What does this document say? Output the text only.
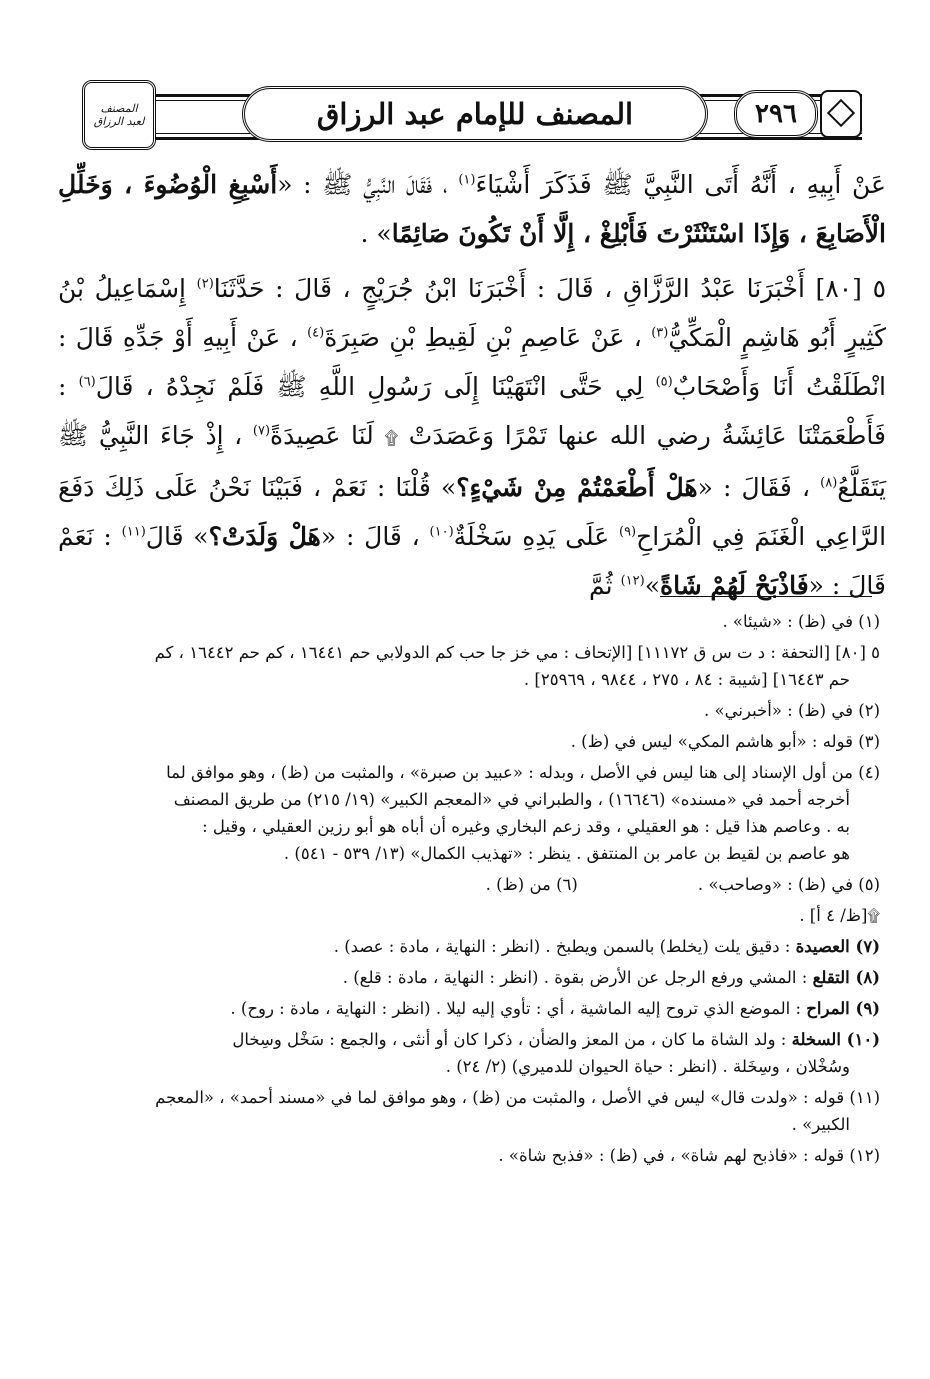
المصنف
لعبد الرزاق	المصنف للإمام عبد الرزاق	٢٩٦

عَنْ أَبِيهِ ، أَنَّهُ أَتَى النَّبِيَّ ﷺ فَذَكَرَ أَشْيَاءَ$^{(١)}$ ، فَقَالَ النَّبِيُّ ﷺ : «أَسْبِغِ الْوُضُوءَ ، وَخَلِّلِ الْأَصَابِعَ ، وَإِذَا اسْتَنْثَرْتَ فَأَبْلِغْ ، إِلَّا أَنْ تَكُونَ صَائِمًا» .

٥ [٨٠] أَخْبَرَنَا عَبْدُ الرَّزَّاقِ ، قَالَ : أَخْبَرَنَا ابْنُ جُرَيْجٍ ، قَالَ : حَدَّثَنَا$^{(٢)}$ إِسْمَاعِيلُ بْنُ كَثِيرٍ أَبُو هَاشِمٍ الْمَكِّيُّ$^{(٣)}$ ، عَنْ عَاصِمِ بْنِ لَقِيطِ بْنِ صَبِرَةَ$^{(٤)}$ ، عَنْ أَبِيهِ أَوْ جَدِّهِ قَالَ : انْطَلَقْتُ أَنَا وَأَصْحَابٌ$^{(٥)}$ لِي حَتَّى انْتَهَيْنَا إِلَى رَسُولِ اللَّهِ ﷺ فَلَمْ نَجِدْهُ ، قَالَ$^{(٦)}$ : فَأَطْعَمَتْنَا عَائِشَةُ رضي الله عنها تَمْرًا وَعَصَدَتْ ۩ لَنَا عَصِيدَةً$^{(٧)}$ ، إِذْ جَاءَ النَّبِيُّ ﷺ يَتَقَلَّعُ$^{(٨)}$ ، فَقَالَ : «هَلْ أَطْعَمْتُمْ مِنْ شَيْءٍ؟» قُلْنَا : نَعَمْ ، فَبَيْنَا نَحْنُ عَلَى ذَلِكَ دَفَعَ الرَّاعِي الْغَنَمَ فِي الْمُرَاحِ$^{(٩)}$ عَلَى يَدِهِ سَخْلَةٌ$^{(١٠)}$ ، قَالَ : «هَلْ وَلَدَتْ؟» قَالَ$^{(١١)}$ : نَعَمْ قَالَ : «فَاذْبَحْ لَهُمْ شَاةً»$^{(١٢)}$ ثُمَّ

(١) في (ظ) : «شيئا» .

٥ [٨٠] [التحفة : د ت س ق ١١١٧٢] [الإتحاف : مي خز جا حب كم الدولابي حم ١٦٤٤١ ، كم حم ١٦٤٤٢ ، كم

حم ١٦٤٤٣] [شيبة : ٨٤ ، ٢٧٥ ، ٩٨٤٤ ، ٢٥٩٦٩] .

(٢) في (ظ) : «أخبرني» .

(٣) قوله : «أبو هاشم المكي» ليس في (ظ) .

(٤) من أول الإسناد إلى هنا ليس في الأصل ، وبدله : «عبيد بن صبرة» ، والمثبت من (ظ) ، وهو موافق لما

أخرجه أحمد في «مسنده» (١٦٦٤٦) ، والطبراني في «المعجم الكبير» (١٩/ ٢١٥) من طريق المصنف

به . وعاصم هذا قيل : هو العقيلي ، وقد زعم البخاري وغيره أن أباه هو أبو رزين العقيلي ، وقيل :

هو عاصم بن لقيط بن عامر بن المنتفق . ينظر : «تهذيب الكمال» (١٣/ ٥٣٩ - ٥٤١) .

(٥) في (ظ) : «وصاحب» .
(٦) من (ظ) .

۩[ظ/ ٤ أ] .

(٧) العصيدة : دقيق يلت (يخلط) بالسمن ويطبخ . (انظر : النهاية ، مادة : عصد) .

(٨) التقلع : المشي ورفع الرجل عن الأرض بقوة . (انظر : النهاية ، مادة : قلع) .

(٩) المراح : الموضع الذي تروح إليه الماشية ، أي : تأوي إليه ليلا . (انظر : النهاية ، مادة : روح) .

(١٠) السخلة : ولد الشاة ما كان ، من المعز والضأن ، ذكرا كان أو أنثى ، والجمع : سَخْل وسِخال

وسُخْلان ، وسِخَلة . (انظر : حياة الحيوان للدميري) (٢/ ٢٤) .

(١١) قوله : «ولدت قال» ليس في الأصل ، والمثبت من (ظ) ، وهو موافق لما في «مسند أحمد» ، «المعجم

الكبير» .

(١٢) قوله : «فاذبح لهم شاة» ، في (ظ) : «فذبح شاة» .
